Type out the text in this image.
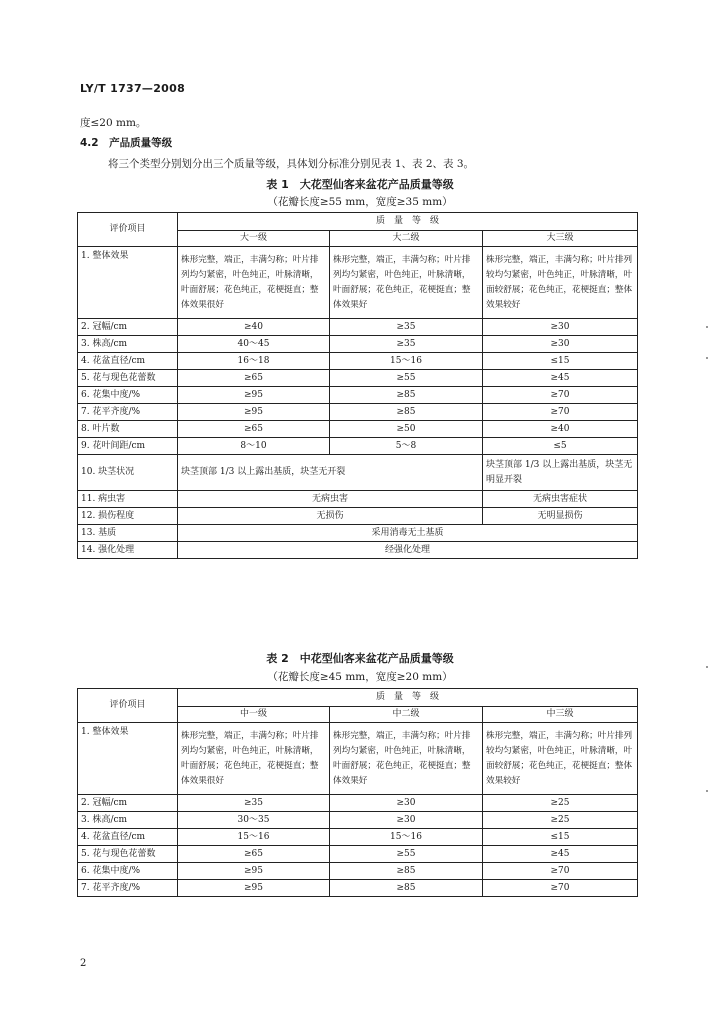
LY/T 1737—2008
度≤20 mm。
4.2　产品质量等级
将三个类型分别划分出三个质量等级，具体划分标准分别见表 1、表 2、表 3。
表 1　大花型仙客来盆花产品质量等级
（花瓣长度≥55 mm，宽度≥35 mm）
评价项目	质　量　等　级		
	大一级	大二级	大三级
1. 整体效果	株形完整，端正，丰满匀称；叶片排列均匀紧密，叶色纯正，叶脉清晰，叶面舒展；花色纯正，花梗挺直；整体效果很好	株形完整，端正，丰满匀称；叶片排列均匀紧密，叶色纯正，叶脉清晰，叶面舒展；花色纯正，花梗挺直；整体效果好	株形完整，端正，丰满匀称；叶片排列较均匀紧密，叶色纯正，叶脉清晰，叶面较舒展；花色纯正，花梗挺直；整体效果较好
2. 冠幅/cm	≥40	≥35	≥30
3. 株高/cm	40～45	≥35	≥30
4. 花盆直径/cm	16～18	15～16	≤15
5. 花与现色花蕾数	≥65	≥55	≥45
6. 花集中度/%	≥95	≥85	≥70
7. 花平齐度/%	≥95	≥85	≥70
8. 叶片数	≥65	≥50	≥40
9. 花叶间距/cm	8～10	5～8	≤5
10. 块茎状况	块茎顶部 1/3 以上露出基质，块茎无开裂		块茎顶部 1/3 以上露出基质，块茎无明显开裂
11. 病虫害	无病虫害		无病虫害症状
12. 损伤程度	无损伤		无明显损伤
13. 基质	采用消毒无土基质		
14. 强化处理	经强化处理		
表 2　中花型仙客来盆花产品质量等级
（花瓣长度≥45 mm，宽度≥20 mm）
评价项目	质　量　等　级		
	中一级	中二级	中三级
1. 整体效果	株形完整，端正，丰满匀称；叶片排列均匀紧密，叶色纯正，叶脉清晰，叶面舒展；花色纯正，花梗挺直；整体效果很好	株形完整，端正，丰满匀称；叶片排列均匀紧密，叶色纯正，叶脉清晰，叶面舒展；花色纯正，花梗挺直；整体效果好	株形完整，端正，丰满匀称；叶片排列较均匀紧密，叶色纯正，叶脉清晰，叶面较舒展；花色纯正，花梗挺直；整体效果较好
2. 冠幅/cm	≥35	≥30	≥25
3. 株高/cm	30～35	≥30	≥25
4. 花盆直径/cm	15～16	15～16	≤15
5. 花与现色花蕾数	≥65	≥55	≥45
6. 花集中度/%	≥95	≥85	≥70
7. 花平齐度/%	≥95	≥85	≥70
2
